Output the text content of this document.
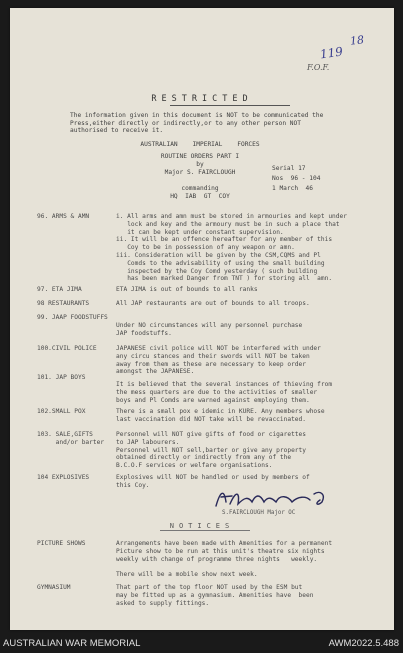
119
18
F.O.F.
RESTRICTED
The information given in this document is NOT to be communicated the
Press,either directly or indirectly,or to any other person NOT
authorised to receive it.
AUSTRALIAN    IMPERIAL    FORCES
ROUTINE ORDERS PART I
by
Major S. FAIRCLOUGH
commanding
HQ  IAB  GT  COY
Serial 17
Nos  96 - 104
1 March  46
96. ARMS & AMN	i. All arms and amn must be stored in armouries and kept under
lock and key and the armoury must be in such a place that
it can be kept under constant supervision.
ii. It will be an offence hereafter for any member of this
Coy to be in possession of any weapon or amn.
iii. Consideration will be given by the CSM,CQMS and Pl
Comds to the advisability of using the small building
inspected by the Coy Comd yesterday ( such building
has been marked Danger from TNT ) for storing all  amn.
97. ETA JIMA	ETA JIMA is out of bounds to all ranks
98 RESTAURANTS	All JAP restaurants are out of bounds to all troops.
99. JAAP FOODSTUFFS
Under NO circumstances will any personnel purchase
JAP foodstuffs.
100.CIVIL POLICE	JAPANESE civil police will NOT be interfered with under
any circu stances and their swords will NOT be taken
away from them as these are necessary to keep order
amongst the JAPANESE.
101. JAP BOYS
It is believed that the several instances of thieving from
the mess quarters are due to the activities of smaller
boys and Pl Comds are warned against employing them.
102.SMALL POX	There is a small pox e idemic in KURE. Any members whose
last vaccination did NOT take will be revaccinated.
103. SALE,GIFTS
and/or barter
Personnel will NOT give gifts of food or cigarettes
to JAP labourers.
Personnel will NOT sell,barter or give any property
obtained directly or indirectly from any of the
B.C.O.F services or welfare organisations.
104 EXPLOSIVES	Explosives will NOT be handled or used by members of
this Coy.
S.FAIRCLOUGH Major OC
NOTICES
PICTURE SHOWS	Arrangements have been made with Amenities for a permanent
Picture show to be run at this unit's theatre six nights
weekly with change of programme three nights   weekly.

There will be a mobile show next week.
GYMNASIUM	That part of the top floor NOT used by the ESM but
may be fitted up as a gymnasium. Amenities have  been
asked to supply fittings.
AUSTRALIAN WAR MEMORIAL	AWM2022.5.488
